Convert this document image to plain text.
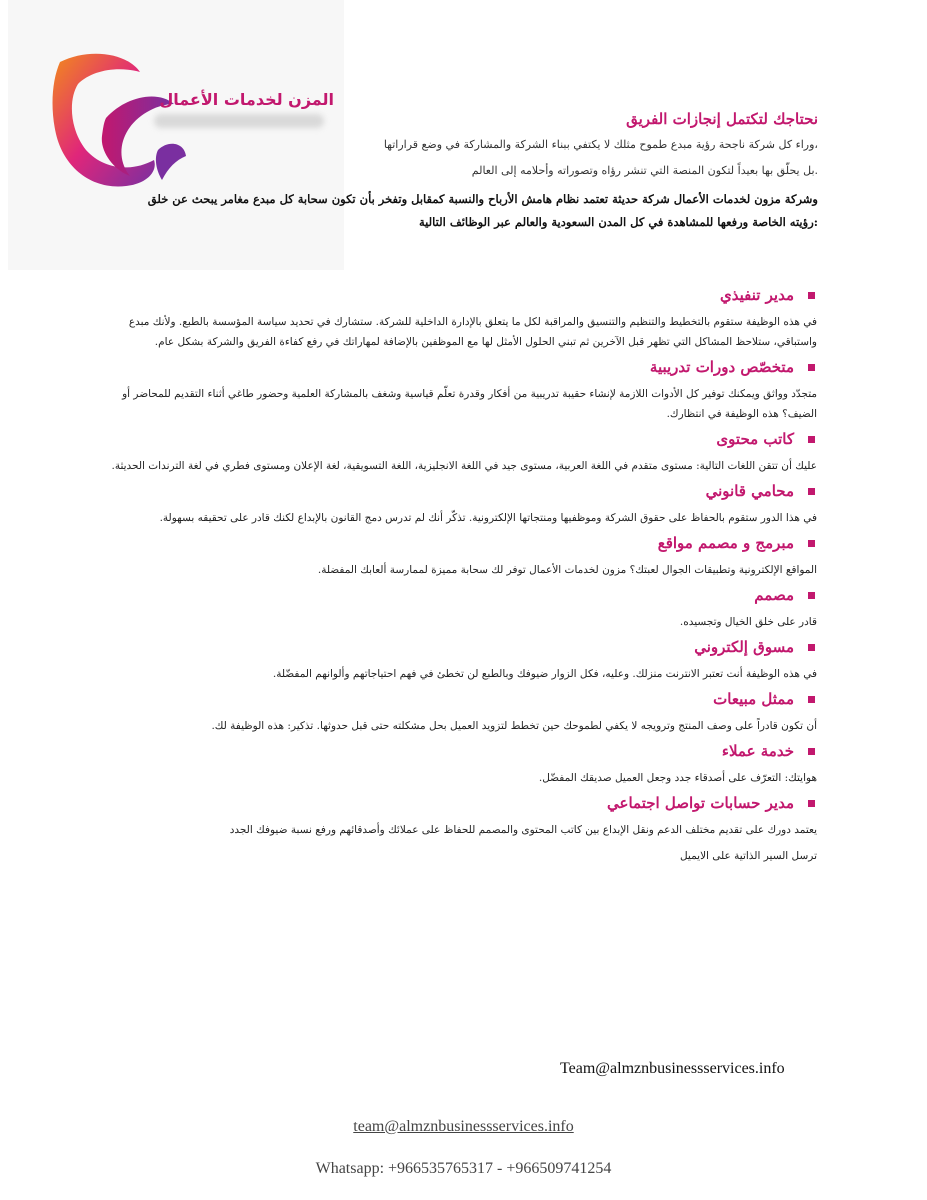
المزن لخدمات الأعمال
نحتاجك لتكتمل إنجازات الفريق

،وراء كل شركة ناجحة رؤية مبدع طموح مثلك لا يكتفي ببناء الشركة والمشاركة في وضع قراراتها

.بل يحلّق بها بعيداً لتكون المنصة التي تنشر رؤاه وتصوراته وأحلامه إلى العالم

وشركة مزون لخدمات الأعمال شركة حديثة تعتمد نظام هامش الأرباح والنسبة كمقابل وتفخر بأن تكون سحابة كل مبدع مغامر يبحث عن خلق

:رؤيته الخاصة ورفعها للمشاهدة في كل المدن السعودية والعالم عبر الوظائف التالية

مدير تنفيذي

في هذه الوظيفة ستقوم بالتخطيط والتنظيم والتنسيق والمراقبة لكل ما يتعلق بالإدارة الداخلية للشركة. ستشارك في تحديد سياسة المؤسسة بالطبع. ولأنك مبدع واستباقي، ستلاحظ المشاكل التي تظهر قبل الآخرين ثم تبني الحلول الأمثل لها مع الموظفين بالإضافة لمهاراتك في رفع كفاءة الفريق والشركة بشكل عام.

متخصّص دورات تدريبية

متجدّد وواثق ويمكنك توفير كل الأدوات اللازمة لإنشاء حقيبة تدريبية من أفكار وقدرة تعلّم قياسية وشغف بالمشاركة العلمية وحضور طاغي أثناء التقديم للمحاضر أو الضيف؟ هذه الوظيفة في انتظارك.

كاتب محتوى

عليك أن تتقن اللغات التالية: مستوى متقدم في اللغة العربية، مستوى جيد في اللغة الانجليزية، اللغة التسويقية، لغة الإعلان ومستوى فطري في لغة الترندات الحديثة.

محامي قانوني

في هذا الدور ستقوم بالحفاظ على حقوق الشركة وموظفيها ومنتجاتها الإلكترونية. تذكّر أنك لم تدرس دمج القانون بالإبداع لكنك قادر على تحقيقه بسهولة.

مبرمج و مصمم مواقع

المواقع الإلكترونية وتطبيقات الجوال لعبتك؟ مزون لخدمات الأعمال توفر لك سحابة مميزة لممارسة ألعابك المفضلة.

مصمم

قادر على خلق الخيال وتجسيده.

مسوق إلكتروني

في هذه الوظيفة أنت تعتبر الانترنت منزلك. وعليه، فكل الزوار ضيوفك وبالطبع لن تخطئ في فهم احتياجاتهم وألوانهم المفضّلة.

ممثل مبيعات

أن تكون قادراً على وصف المنتج وترويجه لا يكفي لطموحك حين تخطط لتزويد العميل بحل مشكلته حتى قبل حدوثها. تذكير: هذه الوظيفة لك.

خدمة عملاء

هوايتك: التعرّف على أصدقاء جدد وجعل العميل صديقك المفضّل.

مدير حسابات تواصل اجتماعي

يعتمد دورك على تقديم مختلف الدعم ونقل الإبداع بين كاتب المحتوى والمصمم للحفاظ على عملائك وأصدقائهم ورفع نسبة ضيوفك الجدد

ترسل السير الذاتية على الايميل

Team@almznbusinessservices.info
team@almznbusinessservices.info
Whatsapp: +966535765317 - +966509741254
